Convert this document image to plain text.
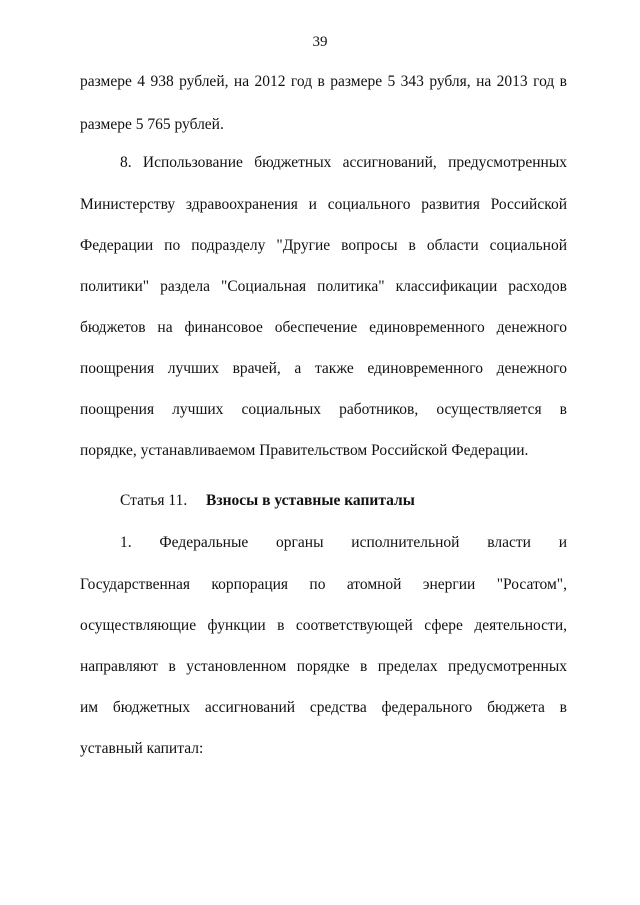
39
размере 4 938 рублей, на 2012 год в размере 5 343 рубля, на 2013 год в
размере 5 765 рублей.
8. Использование бюджетных ассигнований, предусмотренных
Министерству здравоохранения и социального развития Российской
Федерации по подразделу "Другие вопросы в области социальной
политики" раздела "Социальная политика" классификации расходов
бюджетов на финансовое обеспечение единовременного денежного
поощрения лучших врачей, а также единовременного денежного
поощрения лучших социальных работников, осуществляется в
порядке, устанавливаемом Правительством Российской Федерации.
Статья 11. Взносы в уставные капиталы
1. Федеральные органы исполнительной власти и
Государственная корпорация по атомной энергии "Росатом",
осуществляющие функции в соответствующей сфере деятельности,
направляют в установленном порядке в пределах предусмотренных
им бюджетных ассигнований средства федерального бюджета в
уставный капитал:
